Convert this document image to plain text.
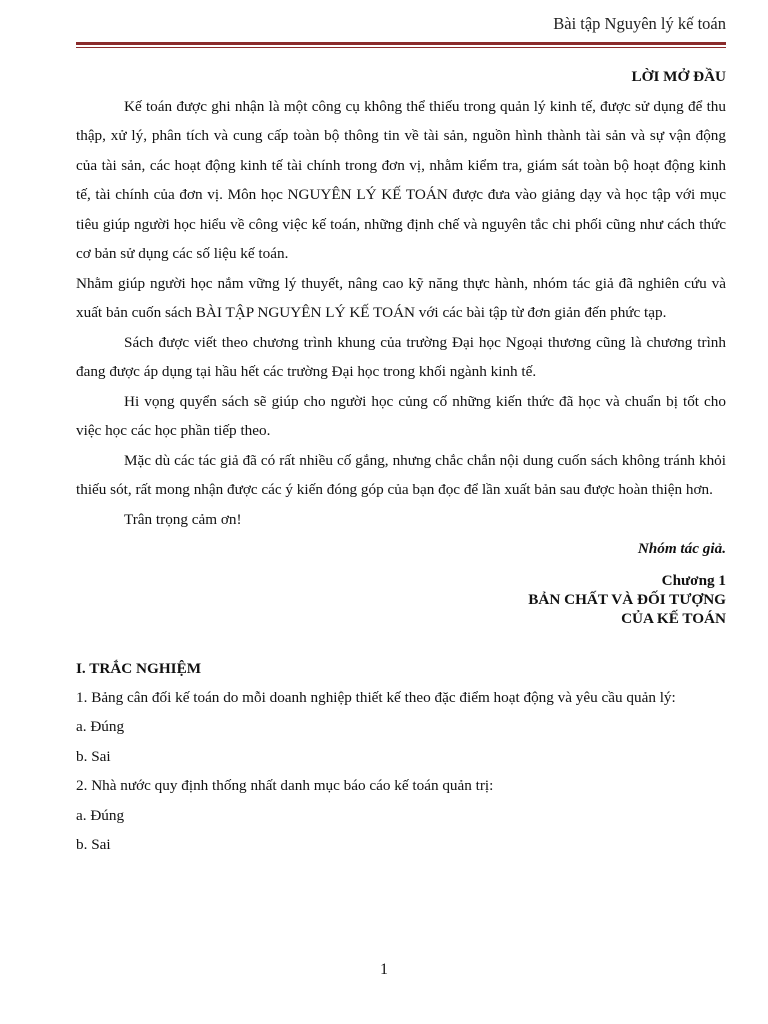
Bài tập Nguyên lý kế toán
LỜI MỞ ĐẦU

Kế toán được ghi nhận là một công cụ không thể thiếu trong quản lý kinh tế, được sử dụng để thu thập, xử lý, phân tích và cung cấp toàn bộ thông tin về tài sản, nguồn hình thành tài sản và sự vận động của tài sản, các hoạt động kinh tế tài chính trong đơn vị, nhằm kiểm tra, giám sát toàn bộ hoạt động kinh tế, tài chính của đơn vị. Môn học NGUYÊN LÝ KẾ TOÁN được đưa vào giảng dạy và học tập với mục tiêu giúp người học hiểu về công việc kế toán, những định chế và nguyên tắc chi phối cũng như cách thức cơ bản sử dụng các số liệu kế toán.

Nhằm giúp người học nắm vững lý thuyết, nâng cao kỹ năng thực hành, nhóm tác giả đã nghiên cứu và xuất bản cuốn sách BÀI TẬP NGUYÊN LÝ KẾ TOÁN với các bài tập từ đơn giản đến phức tạp.

Sách được viết theo chương trình khung của trường Đại học Ngoại thương cũng là chương trình đang được áp dụng tại hầu hết các trường Đại học trong khối ngành kinh tế.

Hi vọng quyển sách sẽ giúp cho người học củng cố những kiến thức đã học và chuẩn bị tốt cho việc học các học phần tiếp theo.

Mặc dù các tác giả đã có rất nhiều cố gắng, nhưng chắc chắn nội dung cuốn sách không tránh khỏi thiếu sót, rất mong nhận được các ý kiến đóng góp của bạn đọc để lần xuất bản sau được hoàn thiện hơn.

Trân trọng cảm ơn!

Nhóm tác giả.
Chương 1
BẢN CHẤT VÀ ĐỐI TƯỢNG
CỦA KẾ TOÁN
I. TRẮC NGHIỆM

1. Bảng cân đối kế toán do mỗi doanh nghiệp thiết kế theo đặc điểm hoạt động và yêu cầu quản lý:

a. Đúng
b. Sai

2. Nhà nước quy định thống nhất danh mục báo cáo kế toán quản trị:

a. Đúng
b. Sai
1
